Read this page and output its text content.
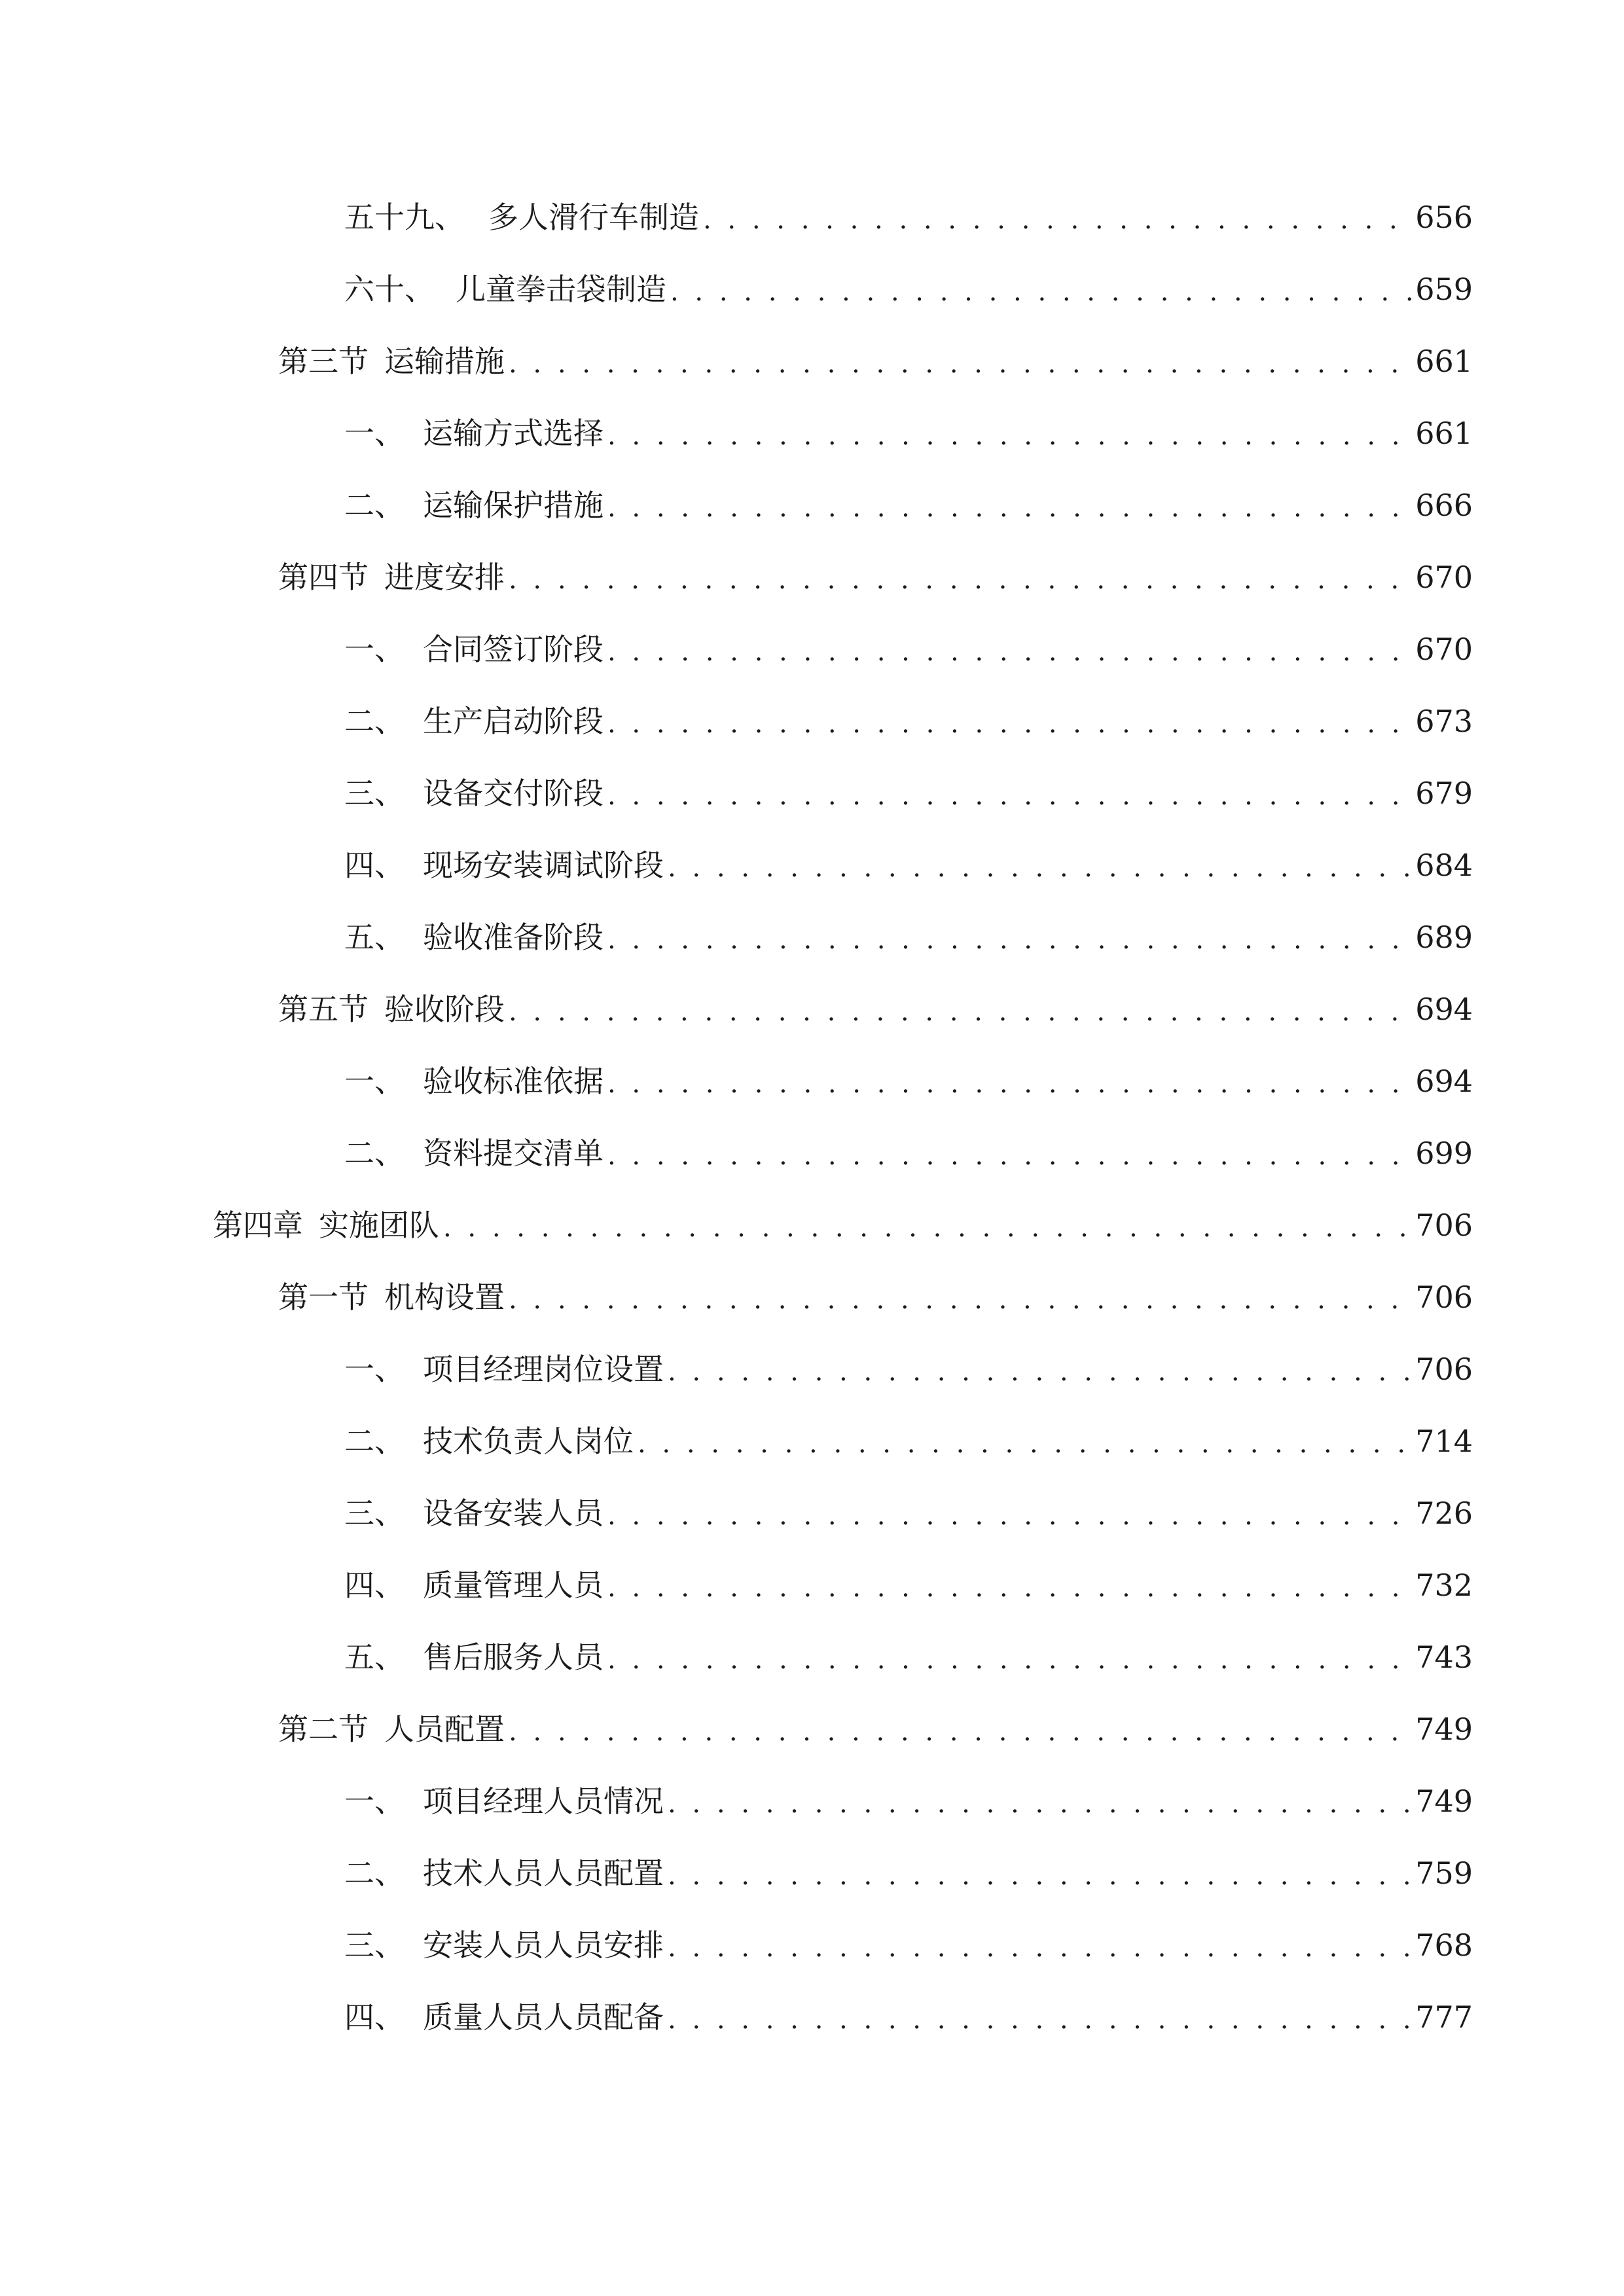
五十九、 多人滑行车制造 . . .	656
六十、 儿童拳击袋制造 . . .	659
第三节 运输措施 . . .	661
一、 运输方式选择 . . .	661
二、 运输保护措施 . . .	666
第四节 进度安排 . . .	670
一、 合同签订阶段 . . .	670
二、 生产启动阶段 . . .	673
三、 设备交付阶段 . . .	679
四、 现场安装调试阶段 . . .	684
五、 验收准备阶段 . . .	689
第五节 验收阶段 . . .	694
一、 验收标准依据 . . .	694
二、 资料提交清单 . . .	699
第四章 实施团队 . . .	706
第一节 机构设置 . . .	706
一、 项目经理岗位设置 . . .	706
二、 技术负责人岗位 . . .	714
三、 设备安装人员 . . .	726
四、 质量管理人员 . . .	732
五、 售后服务人员 . . .	743
第二节 人员配置 . . .	749
一、 项目经理人员情况 . . .	749
二、 技术人员人员配置 . . .	759
三、 安装人员人员安排 . . .	768
四、 质量人员人员配备 . . .	777
